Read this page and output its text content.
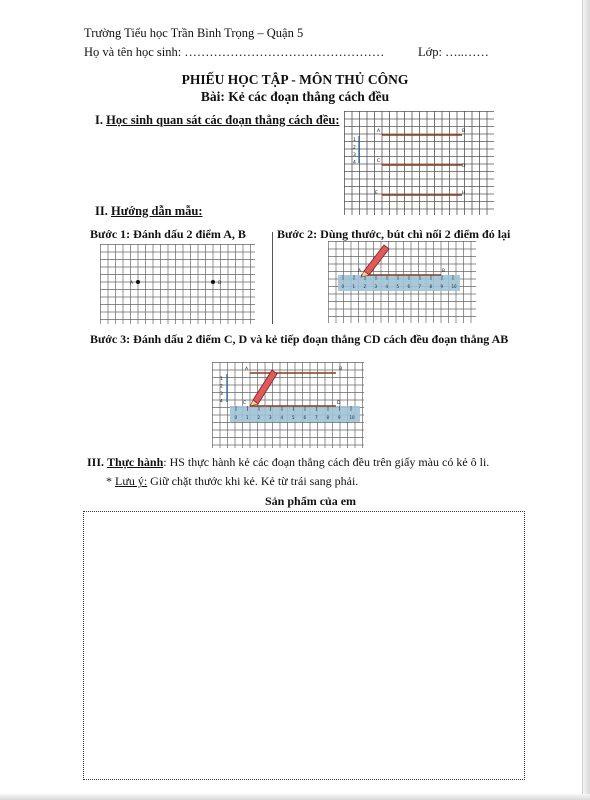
Trường Tiểu học Trần Bình Trọng – Quận 5
Họ và tên học sinh: …………………………………………	Lớp: …..……
PHIẾU HỌC TẬP - MÔN THỦ CÔNG
Bài: Kẻ các đoạn thẳng cách đều
I. Học sinh quan sát các đoạn thẳng cách đều:
A	B
C
D
E	H
1
2
3
4
II. Hướng dẫn mẫu:
Bước 1: Đánh dấu 2 điểm A, B	Bước 2: Dùng thước, bút chì nối 2 điểm đó lại
A	B
0 1 2 3 4 5 6 7 8 9 10
A	B
Bước 3: Đánh dấu 2 điểm C, D và kẻ tiếp đoạn thẳng CD cách đều đoạn thẳng AB
0 1 2 3 4 5 6 7 8 9 10
A	B
C	D
1
2
3
4
III. Thực hành: HS thực hành kẻ các đoạn thẳng cách đều trên giấy màu có kẻ ô li.
* Lưu ý: Giữ chặt thước khi kẻ. Kẻ từ trái sang phải.
Sản phẩm của em
